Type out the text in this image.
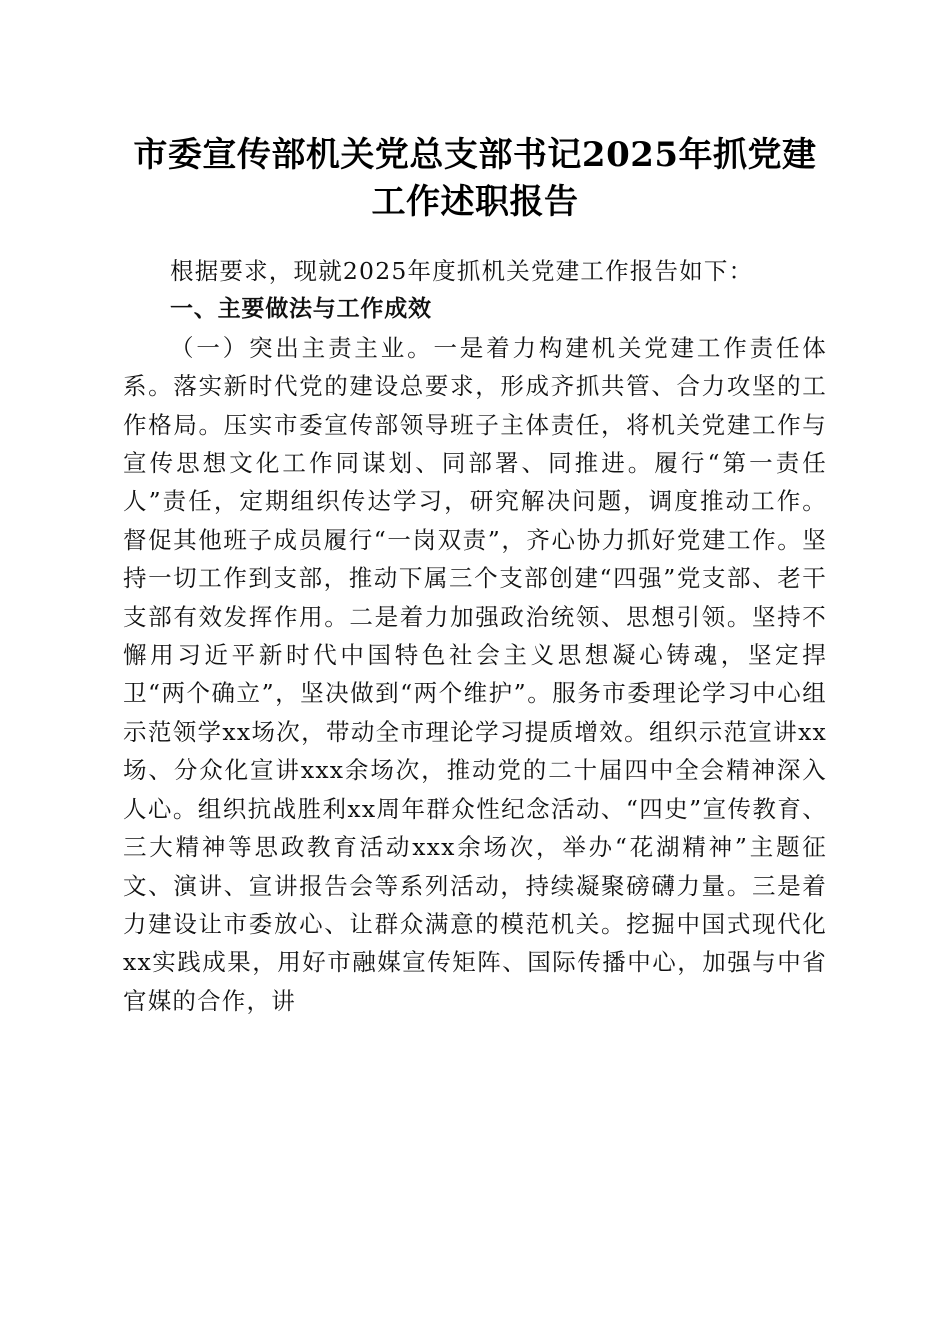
市委宣传部机关党总支部书记2025年抓党建
工作述职报告

根据要求，现就2025年度抓机关党建工作报告如下：

一、主要做法与工作成效

（一）突出主责主业。一是着力构建机关党建工作责任体系。落实新时代党的建设总要求，形成齐抓共管、合力攻坚的工作格局。压实市委宣传部领导班子主体责任，将机关党建工作与宣传思想文化工作同谋划、同部署、同推进。履行“第一责任人”责任，定期组织传达学习，研究解决问题，调度推动工作。督促其他班子成员履行“一岗双责”，齐心协力抓好党建工作。坚持一切工作到支部，推动下属三个支部创建“四强”党支部、老干支部有效发挥作用。二是着力加强政治统领、思想引领。坚持不懈用习近平新时代中国特色社会主义思想凝心铸魂，坚定捍卫“两个确立”，坚决做到“两个维护”。服务市委理论学习中心组示范领学xx场次，带动全市理论学习提质增效。组织示范宣讲xx场、分众化宣讲xxx余场次，推动党的二十届四中全会精神深入人心。组织抗战胜利xx周年群众性纪念活动、“四史”宣传教育、三大精神等思政教育活动xxx余场次，举办“花湖精神”主题征文、演讲、宣讲报告会等系列活动，持续凝聚磅礴力量。三是着力建设让市委放心、让群众满意的模范机关。挖掘中国式现代化xx实践成果，用好市融媒宣传矩阵、国际传播中心，加强与中省官媒的合作，讲
